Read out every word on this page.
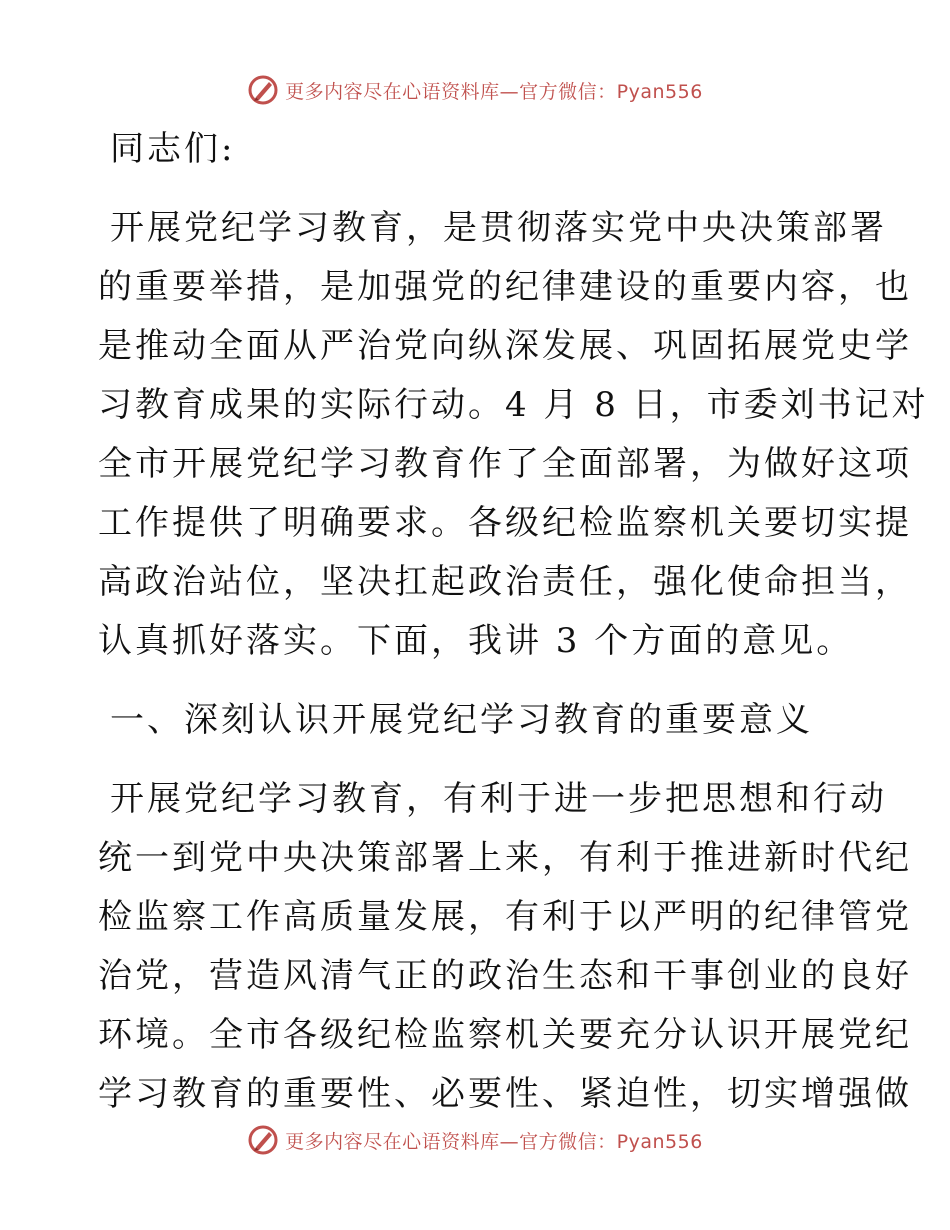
更多内容尽在心语资料库—官方微信：Pyan556
同志们:
开展党纪学习教育，是贯彻落实党中央决策部署
的重要举措，是加强党的纪律建设的重要内容，也
是推动全面从严治党向纵深发展、巩固拓展党史学
习教育成果的实际行动。4 月 8 日，市委刘书记对
全市开展党纪学习教育作了全面部署，为做好这项
工作提供了明确要求。各级纪检监察机关要切实提
高政治站位，坚决扛起政治责任，强化使命担当，
认真抓好落实。下面，我讲 3 个方面的意见。
一、深刻认识开展党纪学习教育的重要意义
开展党纪学习教育，有利于进一步把思想和行动
统一到党中央决策部署上来，有利于推进新时代纪
检监察工作高质量发展，有利于以严明的纪律管党
治党，营造风清气正的政治生态和干事创业的良好
环境。全市各级纪检监察机关要充分认识开展党纪
学习教育的重要性、必要性、紧迫性，切实增强做
更多内容尽在心语资料库—官方微信：Pyan556
